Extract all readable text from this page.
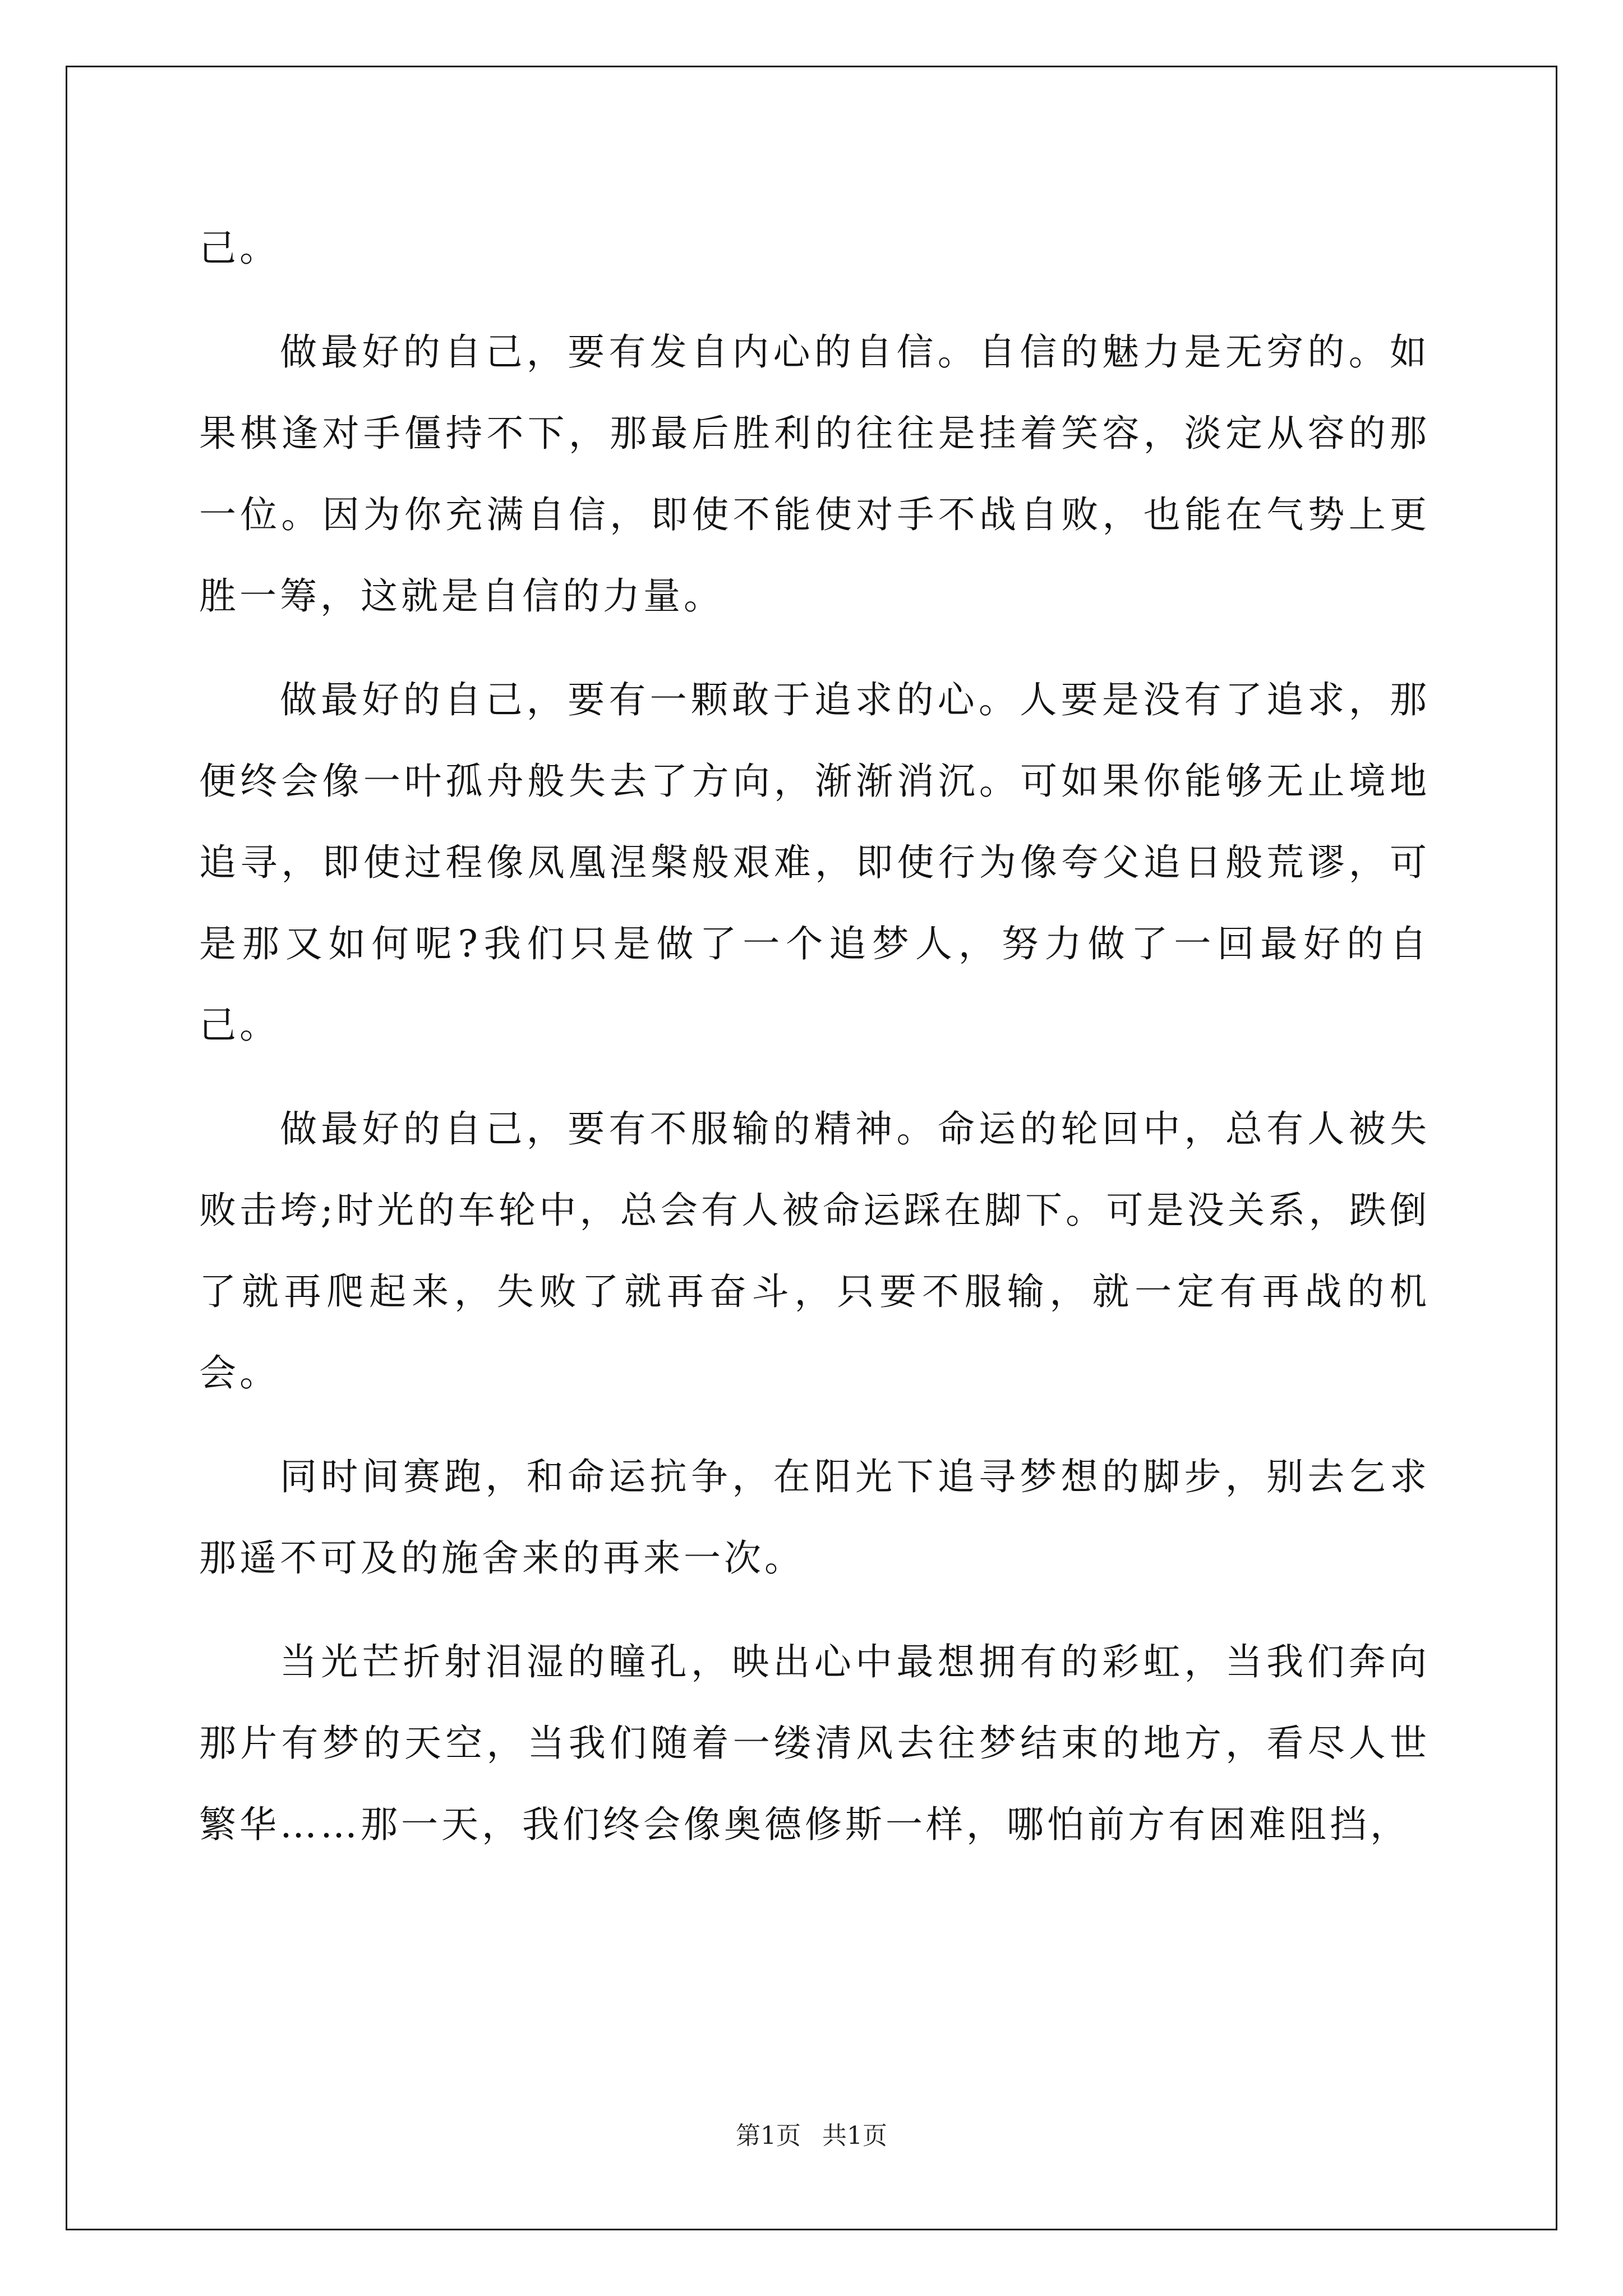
己。

做最好的自己，要有发自内心的自信。自信的魅力是无穷的。如果棋逢对手僵持不下，那最后胜利的往往是挂着笑容，淡定从容的那一位。因为你充满自信，即使不能使对手不战自败，也能在气势上更胜一筹，这就是自信的力量。

做最好的自己，要有一颗敢于追求的心。人要是没有了追求，那便终会像一叶孤舟般失去了方向，渐渐消沉。可如果你能够无止境地追寻，即使过程像凤凰涅槃般艰难，即使行为像夸父追日般荒谬，可是那又如何呢?我们只是做了一个追梦人，努力做了一回最好的自己。

做最好的自己，要有不服输的精神。命运的轮回中，总有人被失败击垮;时光的车轮中，总会有人被命运踩在脚下。可是没关系，跌倒了就再爬起来，失败了就再奋斗，只要不服输，就一定有再战的机会。

同时间赛跑，和命运抗争，在阳光下追寻梦想的脚步，别去乞求那遥不可及的施舍来的再来一次。

当光芒折射泪湿的瞳孔，映出心中最想拥有的彩虹，当我们奔向那片有梦的天空，当我们随着一缕清风去往梦结束的地方，看尽人世繁华……那一天，我们终会像奥德修斯一样，哪怕前方有困难阻挡，

第1页 共1页
